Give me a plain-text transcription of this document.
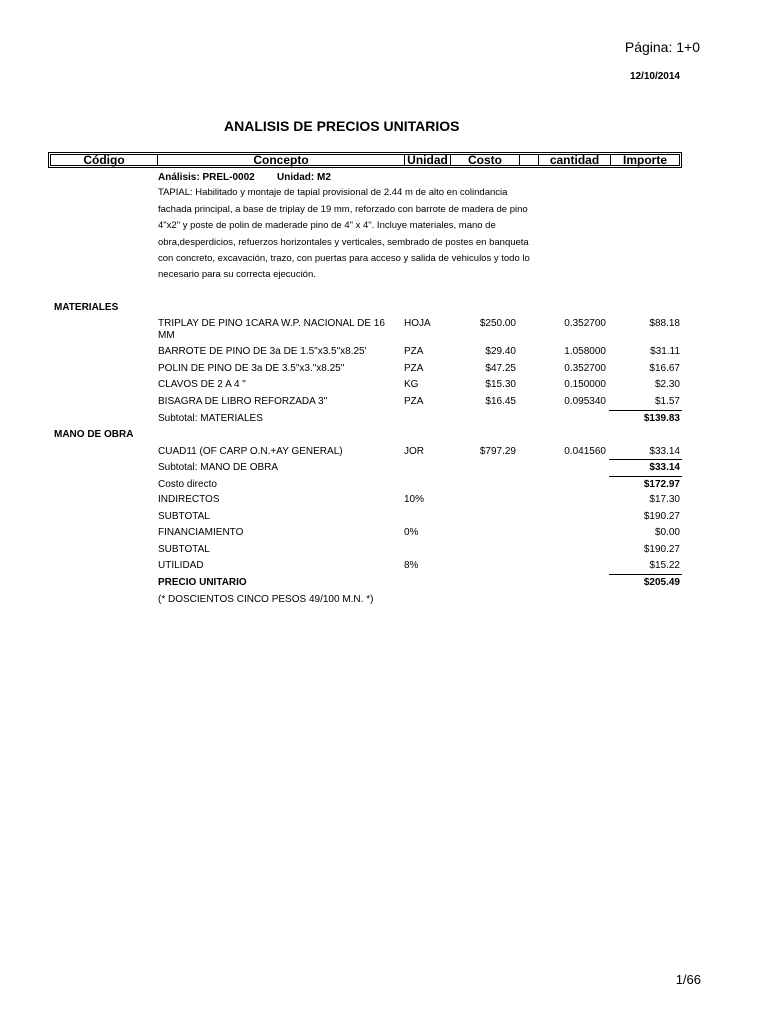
Página: 1+0
12/10/2014
ANALISIS DE PRECIOS UNITARIOS
Código	Concepto	Unidad	Costo	cantidad	Importe
Análisis: PREL-0002 Unidad: M2
TAPIAL: Habilitado y montaje de tapial provisional de 2.44 m de alto en colindancia
fachada principal, a base de triplay de 19 mm, reforzado con barrote de madera de pino
4"x2" y poste de polin de maderade pino de 4" x 4". Incluye materiales, mano de
obra,desperdicios, refuerzos horizontales y verticales, sembrado de postes en banqueta
con concreto, excavación, trazo, con puertas para acceso y salida de vehiculos y todo lo
necesario para su correcta ejecución.
MATERIALES
TRIPLAY DE PINO 1CARA W.P. NACIONAL DE 16
MM
HOJA	$250.00	0.352700	$88.18
BARROTE DE PINO DE 3a DE 1.5"x3.5"x8.25'	PZA	$29.40	1.058000	$31.11
POLIN DE PINO DE 3a DE 3.5"x3."x8.25"	PZA	$47.25	0.352700	$16.67
CLAVOS DE 2 A 4 "	KG	$15.30	0.150000	$2.30
BISAGRA DE LIBRO REFORZADA 3"	PZA	$16.45	0.095340	$1.57
Subtotal: MATERIALES	$139.83
MANO DE OBRA
CUAD11 (OF CARP O.N.+AY GENERAL)	JOR	$797.29	0.041560	$33.14
Subtotal: MANO DE OBRA	$33.14
Costo directo	$172.97
INDIRECTOS	10%	$17.30
SUBTOTAL	$190.27
FINANCIAMIENTO	0%	$0.00
SUBTOTAL	$190.27
UTILIDAD	8%	$15.22
PRECIO UNITARIO	$205.49
(* DOSCIENTOS CINCO PESOS 49/100 M.N. *)
1/66
